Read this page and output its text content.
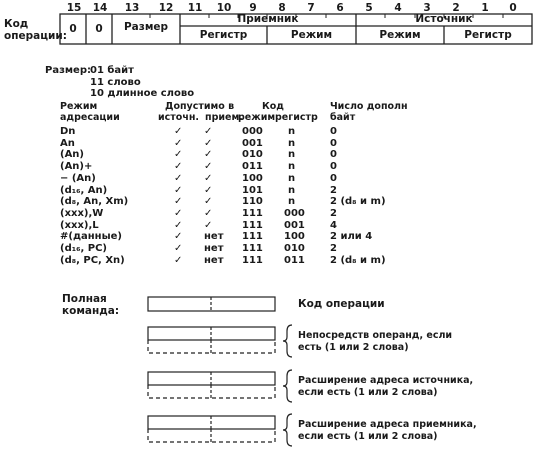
Код
операции:
15 14 13 12 11 10	9	8	7	6	5	4	3	2	1	0
0	0	Размер
Приемник	Источник
Регистр	Режим	Режим	Регистр
Размер:
01 байт
11 слово
10 длинное слово
Режим
адресации
Допустимо в
источн. прием.
Код
режим регистр
Число дополн
байт
Dn	✓ ✓	000	n	0
An	✓ ✓	001	n	0
(An)	✓ ✓	010	n	0
(An)+	✓ ✓	011	n	0
− (An)	✓ ✓	100	n	0
(d₁₆, An)	✓ ✓	101	n	2
(d₈, An, Xm)	✓ ✓	110	n	2 (d₈ и m)
(xxx),W	✓ ✓	111 000	2
(xxx),L	✓ ✓	111 001	4
#(данные)	✓ нет 111 100	2 или 4
(d₁₆, PC)	✓ нет 111 010	2
(d₈, PC, Xn)	✓ нет 111 011	2 (d₈ и m)
Полная
команда:
Код операции
Непосредств операнд, если
есть (1 или 2 слова)
Расширение адреса источника,
если есть (1 или 2 слова)
Расширение адреса приемника,
если есть (1 или 2 слова)
